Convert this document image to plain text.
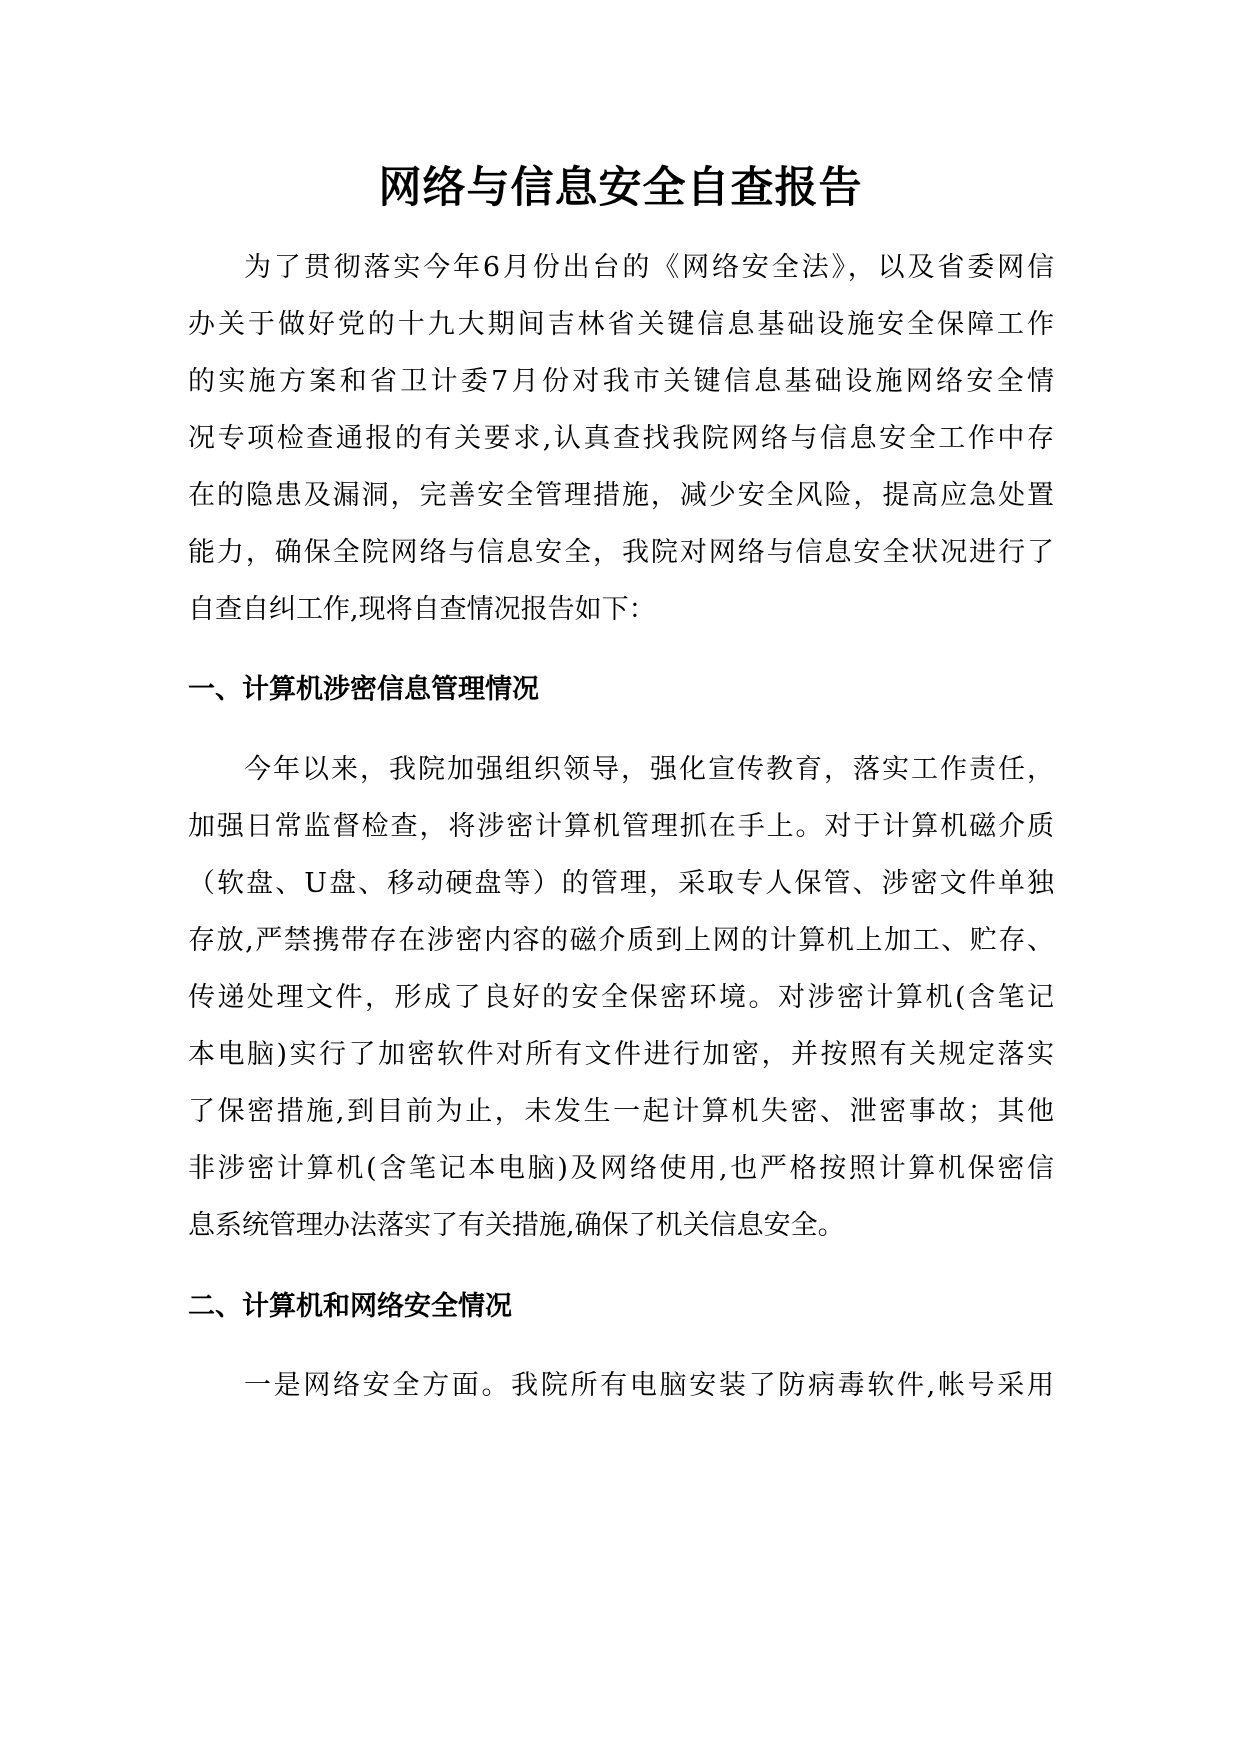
网络与信息安全自查报告
为了贯彻落实今年6月份出台的《网络安全法》，以及省委网信
办关于做好党的十九大期间吉林省关键信息基础设施安全保障工作
的实施方案和省卫计委7月份对我市关键信息基础设施网络安全情
况专项检查通报的有关要求,认真查找我院网络与信息安全工作中存
在的隐患及漏洞，完善安全管理措施，减少安全风险，提高应急处置
能力，确保全院网络与信息安全，我院对网络与信息安全状况进行了
自查自纠工作,现将自查情况报告如下：
一、计算机涉密信息管理情况
今年以来，我院加强组织领导，强化宣传教育，落实工作责任，
加强日常监督检查，将涉密计算机管理抓在手上。对于计算机磁介质
（软盘、U盘、移动硬盘等）的管理，采取专人保管、涉密文件单独
存放,严禁携带存在涉密内容的磁介质到上网的计算机上加工、贮存、
传递处理文件，形成了良好的安全保密环境。对涉密计算机(含笔记
本电脑)实行了加密软件对所有文件进行加密，并按照有关规定落实
了保密措施,到目前为止，未发生一起计算机失密、泄密事故；其他
非涉密计算机(含笔记本电脑)及网络使用,也严格按照计算机保密信
息系统管理办法落实了有关措施,确保了机关信息安全。
二、计算机和网络安全情况
一是网络安全方面。我院所有电脑安装了防病毒软件,帐号采用
